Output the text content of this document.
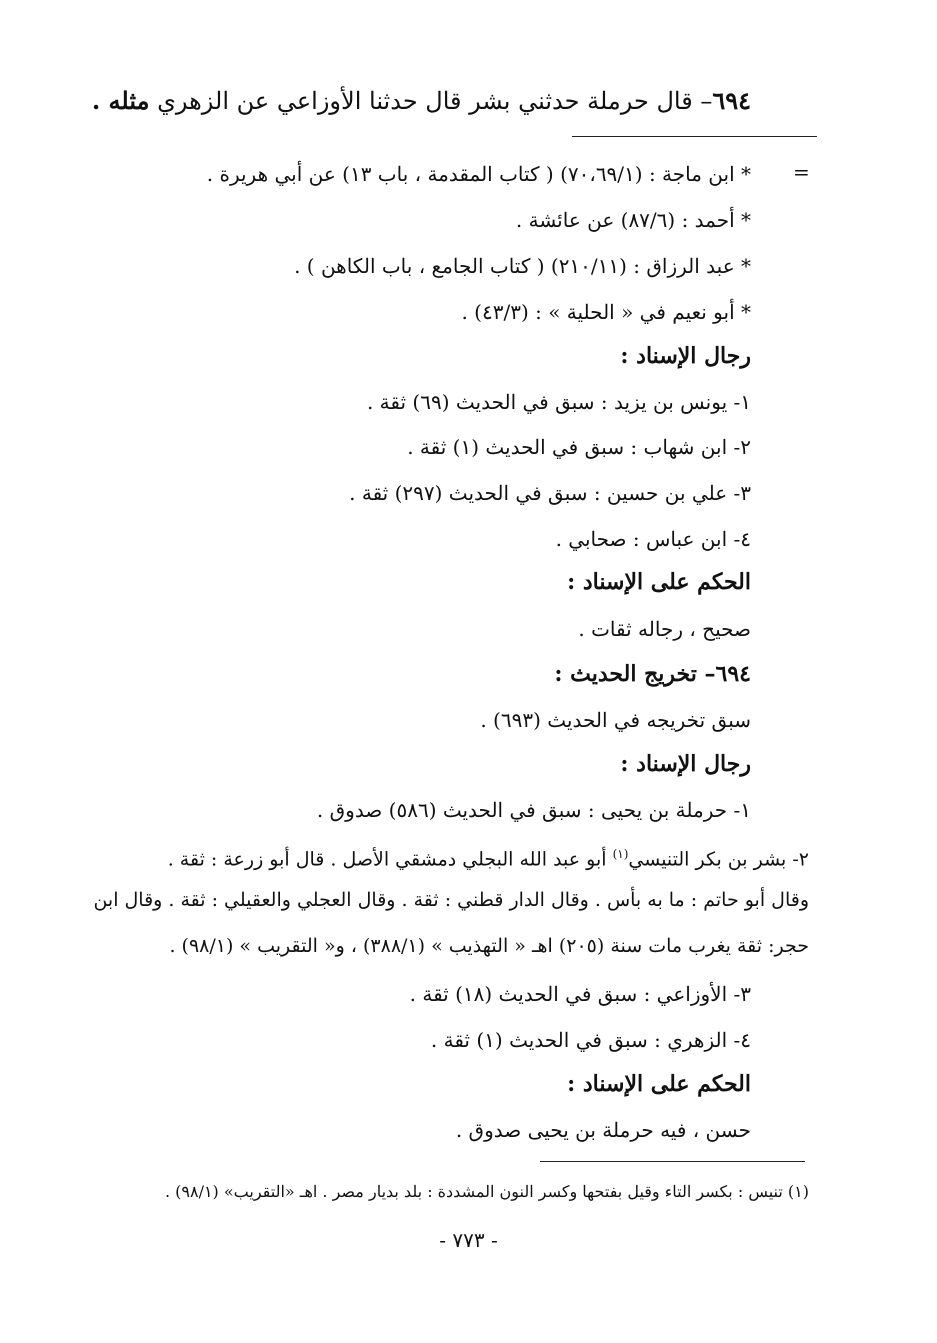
٦٩٤– قال حرملة حدثني بشر قال حدثنا الأوزاعي عن الزهري مثله .
=
* ابن ماجة : (٧٠،٦٩/١) ( كتاب المقدمة ، باب ١٣) عن أبي هريرة .
* أحمد : (٨٧/٦) عن عائشة .
* عبد الرزاق : (٢١٠/١١) ( كتاب الجامع ، باب الكاهن ) .
* أبو نعيم في « الحلية » : (٤٣/٣) .
رجال الإسناد :
١- يونس بن يزيد : سبق في الحديث (٦٩) ثقة .
٢- ابن شهاب : سبق في الحديث (١) ثقة .
٣- علي بن حسين : سبق في الحديث (٢٩٧) ثقة .
٤- ابن عباس : صحابي .
الحكم على الإسناد :
صحيح ، رجاله ثقات .
٦٩٤– تخريج الحديث :
سبق تخريجه في الحديث (٦٩٣) .
رجال الإسناد :
١- حرملة بن يحيى : سبق في الحديث (٥٨٦) صدوق .
٢- بشر بن بكر التنيسي$^{(١)}$ أبو عبد الله البجلي دمشقي الأصل . قال أبو زرعة : ثقة .
وقال أبو حاتم : ما به بأس . وقال الدار قطني : ثقة . وقال العجلي والعقيلي : ثقة . وقال ابن
حجر: ثقة يغرب مات سنة (٢٠٥) اهـ « التهذيب » (٣٨٨/١) ، و« التقريب » (٩٨/١) .
٣- الأوزاعي : سبق في الحديث (١٨) ثقة .
٤- الزهري : سبق في الحديث (١) ثقة .
الحكم على الإسناد :
حسن ، فيه حرملة بن يحيى صدوق .
(١) تنيس : بكسر التاء وقيل بفتحها وكسر النون المشددة : بلد بديار مصر . اهـ «التقريب» (٩٨/١) .
- ٧٧٣ -
